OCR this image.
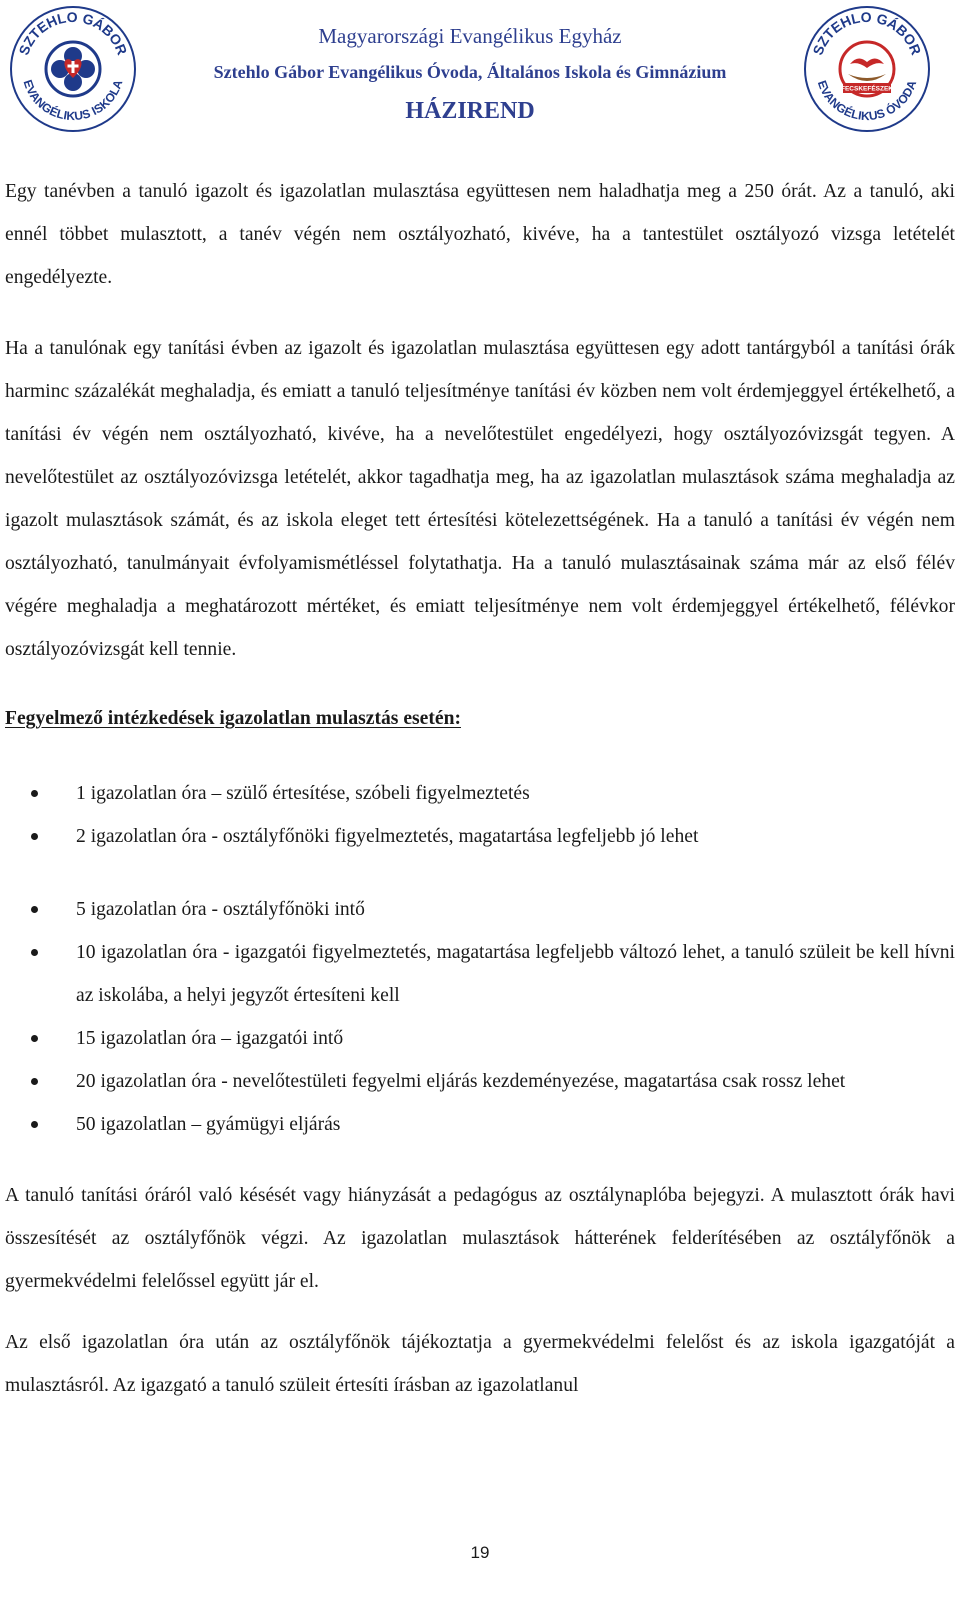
SZTEHLO GÁBOR
EVANGÉLIKUS ISKOLA
Magyarországi Evangélikus Egyház
Sztehlo Gábor Evangélikus Óvoda, Általános Iskola és Gimnázium
HÁZIREND
SZTEHLO GÁBOR
EVANGÉLIKUS ÓVODA
FECSKEFÉSZEK

Egy tanévben a tanuló igazolt és igazolatlan mulasztása együttesen nem haladhatja meg a 250 órát. Az a tanuló, aki ennél többet mulasztott, a tanév végén nem osztályozható, kivéve, ha a tantestület osztályozó vizsga letételét engedélyezte.

Ha a tanulónak egy tanítási évben az igazolt és igazolatlan mulasztása együttesen egy adott tantárgyból a tanítási órák harminc százalékát meghaladja, és emiatt a tanuló teljesítménye tanítási év közben nem volt érdemjeggyel értékelhető, a tanítási év végén nem osztályozható, kivéve, ha a nevelőtestület engedélyezi, hogy osztályozóvizsgát tegyen. A nevelőtestület az osztályozóvizsga letételét, akkor tagadhatja meg, ha az igazolatlan mulasztások száma meghaladja az igazolt mulasztások számát, és az iskola eleget tett értesítési kötelezettségének. Ha a tanuló a tanítási év végén nem osztályozható, tanulmányait évfolyamismétléssel folytathatja. Ha a tanuló mulasztásainak száma már az első félév végére meghaladja a meghatározott mértéket, és emiatt teljesítménye nem volt érdemjeggyel értékelhető, félévkor osztályozóvizsgát kell tennie.

Fegyelmező intézkedések igazolatlan mulasztás esetén:
1 igazolatlan óra – szülő értesítése, szóbeli figyelmeztetés
2 igazolatlan óra - osztályfőnöki figyelmeztetés, magatartása legfeljebb jó lehet
5 igazolatlan óra - osztályfőnöki intő
10 igazolatlan óra - igazgatói figyelmeztetés, magatartása legfeljebb változó lehet, a tanuló szüleit be kell hívni az iskolába, a helyi jegyzőt értesíteni kell
15 igazolatlan óra – igazgatói intő
20 igazolatlan óra - nevelőtestületi fegyelmi eljárás kezdeményezése, magatartása csak rossz lehet
50 igazolatlan – gyámügyi eljárás

A tanuló tanítási óráról való késését vagy hiányzását a pedagógus az osztálynaplóba bejegyzi. A mulasztott órák havi összesítését az osztályfőnök végzi. Az igazolatlan mulasztások hátterének felderítésében az osztályfőnök a gyermekvédelmi felelőssel együtt jár el.

Az első igazolatlan óra után az osztályfőnök tájékoztatja a gyermekvédelmi felelőst és az iskola igazgatóját a mulasztásról. Az igazgató a tanuló szüleit értesíti írásban az igazolatlanul

19
